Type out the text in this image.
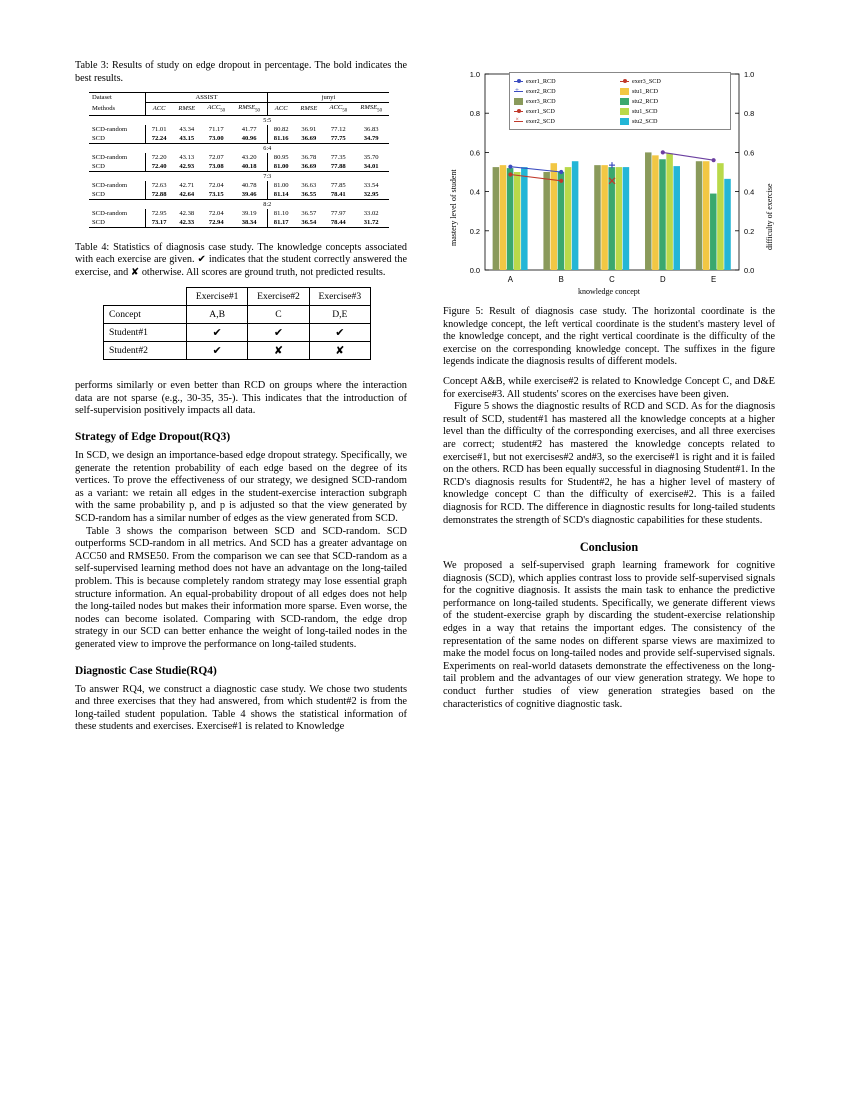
Table 3: Results of study on edge dropout in percentage. The bold indicates the best results.
Dataset	ASSIST				junyi			
Methods	ACC	RMSE	$ACC_{50}$	$RMSE_{50}$	ACC	RMSE	$ACC_{50}$	$RMSE_{50}$
	5:5							
SCD-random	71.01	43.34	71.17	41.77	80.82	36.91	77.12	36.83
SCD	72.24	43.15	73.00	40.96	81.16	36.69	77.75	34.79
	6:4							
SCD-random	72.20	43.13	72.07	43.20	80.95	36.78	77.35	35.70
SCD	72.40	42.93	73.08	40.18	81.00	36.69	77.88	34.01
	7:3							
SCD-random	72.63	42.71	72.04	40.78	81.00	36.63	77.85	33.54
SCD	72.88	42.64	73.15	39.46	81.14	36.55	78.41	32.95
	8:2							
SCD-random	72.95	42.38	72.04	39.19	81.10	36.57	77.97	33.02
SCD	73.17	42.33	72.94	38.34	81.17	36.54	78.44	31.72
Table 4: Statistics of diagnosis case study. The knowledge concepts associated with each exercise are given. ✔ indicates that the student correctly answered the exercise, and ✘ otherwise. All scores are ground truth, not predicted results.
	Exercise#1	Exercise#2	Exercise#3
Concept	A,B	C	D,E
Student#1	✔	✔	✔
Student#2	✔	✘	✘

performs similarly or even better than RCD on groups where the interaction data are not sparse (e.g., 30-35, 35-). This indicates that the introduction of self-supervision positively impacts all data.

Strategy of Edge Dropout(RQ3)

In SCD, we design an importance-based edge dropout strategy. Specifically, we generate the retention probability of each edge based on the degree of its vertices. To prove the effectiveness of our strategy, we designed SCD-random as a variant: we retain all edges in the student-exercise interaction subgraph with the same probability p, and p is adjusted so that the view generated by SCD-random has a similar number of edges as the view generated from SCD.

Table 3 shows the comparison between SCD and SCD-random. SCD outperforms SCD-random in all metrics. And SCD has a greater advantage on ACC50 and RMSE50. From the comparison we can see that SCD-random as a self-supervised learning method does not have an advantage on the long-tailed problem. This is because completely random strategy may lose essential graph structure information. An equal-probability dropout of all edges does not help the long-tailed nodes but makes their information more sparse. Even worse, the nodes can become isolated. Comparing with SCD-random, the edge drop strategy in our SCD can better enhance the weight of long-tailed nodes in the generated view to improve the performance on long-tailed students.

Diagnostic Case Studie(RQ4)

To answer RQ4, we construct a diagnostic case study. We chose two students and three exercises that they had answered, from which student#2 is from the long-tailed student population. Table 4 shows the statistical information of these students and exercises. Exercise#1 is related to Knowledge

mastery level of student	difficulty of exercise
knowledge concept
0.0	0.0
0.2	0.2
0.4	0.4
0.6	0.6
0.8	0.8
1.0	1.0
A	B	C	D	E
exer1_RCD	exer3_SCD
+ exer2_RCD	stu1_RCD
exer3_RCD	stu2_RCD
exer1_SCD	stu1_SCD
× exer2_SCD	stu2_SCD
Figure 5: Result of diagnosis case study. The horizontal coordinate is the knowledge concept, the left vertical coordinate is the student's mastery level of the knowledge concept, and the right vertical coordinate is the difficulty of the exercise on the corresponding knowledge concept. The suffixes in the figure legends indicate the diagnosis results of different models.

Concept A&B, while exercise#2 is related to Knowledge Concept C, and D&E for exercise#3. All students' scores on the exercises have been given.

Figure 5 shows the diagnostic results of RCD and SCD. As for the diagnosis result of SCD, student#1 has mastered all the knowledge concepts at a higher level than the difficulty of the corresponding exercises, and all three exercises are correct; student#2 has mastered the knowledge concepts related to exercise#1, but not exercises#2 and#3, so the exercise#1 is right and it is failed on the others. RCD has been equally successful in diagnosing Student#1. In the RCD's diagnosis results for Student#2, he has a higher level of mastery of knowledge concept C than the difficulty of exercise#2. This is a failed diagnosis for RCD. The difference in diagnostic results for long-tailed students demonstrates the strength of SCD's diagnostic capabilities for these students.

Conclusion

We proposed a self-supervised graph learning framework for cognitive diagnosis (SCD), which applies contrast loss to provide self-supervised signals for the cognitive diagnosis. It assists the main task to enhance the predictive performance on long-tailed students. Specifically, we generate different views of the student-exercise graph by discarding the student-exercise relationship edges in a way that retains the important edges. The consistency of the representation of the same nodes on different sparse views are maximized to make the model focus on long-tailed nodes and provide self-supervised signals. Experiments on real-world datasets demonstrate the effectiveness on the long-tail problem and the advantages of our view generation strategy. We hope to conduct further studies of view generation strategies based on the characteristics of cognitive diagnostic task.
